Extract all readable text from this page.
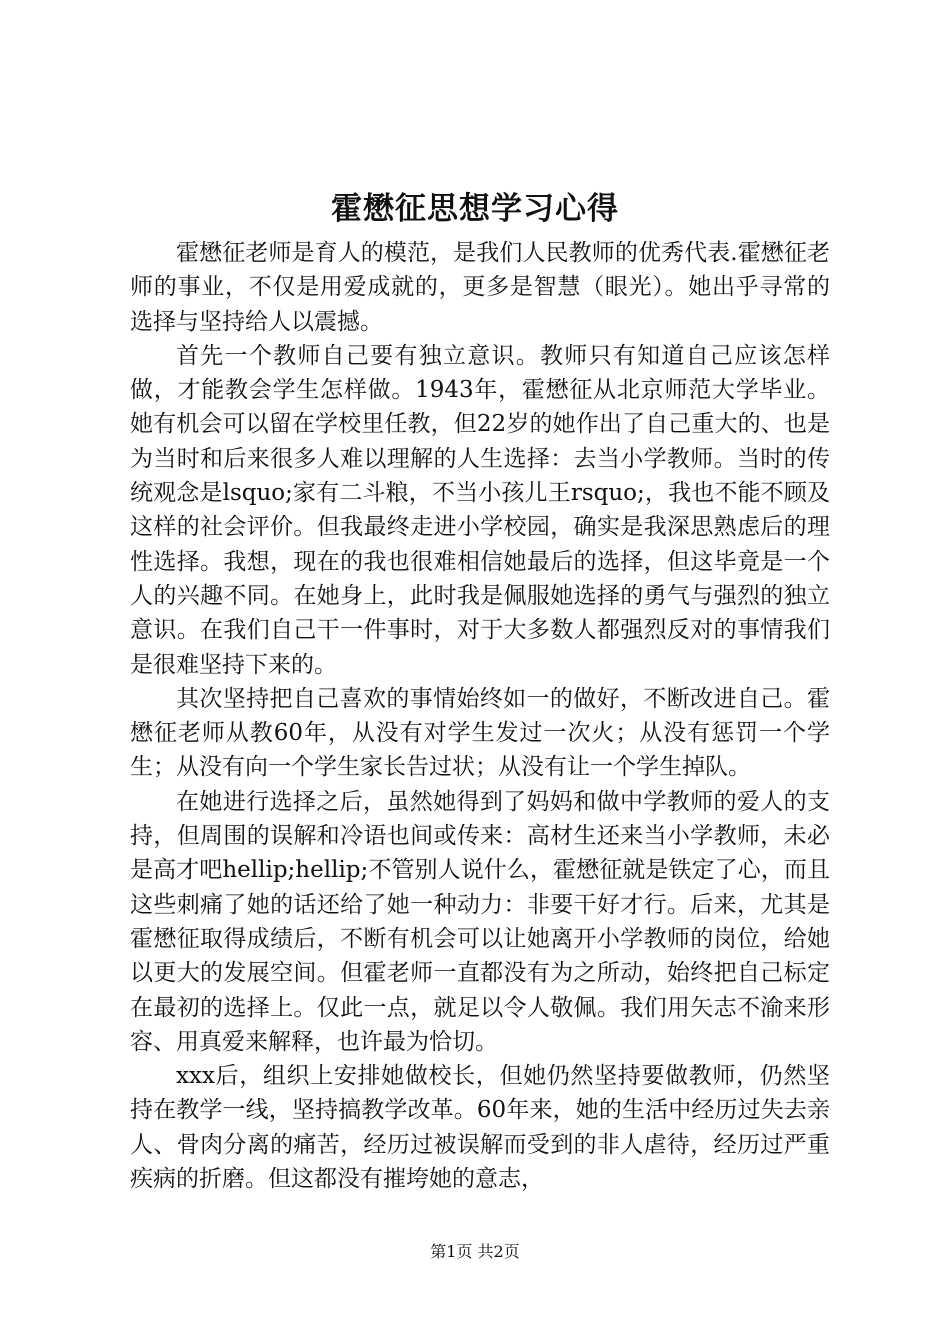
霍懋征思想学习心得

霍懋征老师是育人的模范，是我们人民教师的优秀代表.霍懋征老师的事业，不仅是用爱成就的，更多是智慧（眼光）。她出乎寻常的选择与坚持给人以震撼。

首先一个教师自己要有独立意识。教师只有知道自己应该怎样做，才能教会学生怎样做。1943年，霍懋征从北京师范大学毕业。她有机会可以留在学校里任教，但22岁的她作出了自己重大的、也是为当时和后来很多人难以理解的人生选择：去当小学教师。当时的传统观念是lsquo;家有二斗粮，不当小孩儿王rsquo;，我也不能不顾及这样的社会评价。但我最终走进小学校园，确实是我深思熟虑后的理性选择。我想，现在的我也很难相信她最后的选择，但这毕竟是一个人的兴趣不同。在她身上，此时我是佩服她选择的勇气与强烈的独立意识。在我们自己干一件事时，对于大多数人都强烈反对的事情我们是很难坚持下来的。

其次坚持把自己喜欢的事情始终如一的做好，不断改进自己。霍懋征老师从教60年，从没有对学生发过一次火；从没有惩罚一个学生；从没有向一个学生家长告过状；从没有让一个学生掉队。

在她进行选择之后，虽然她得到了妈妈和做中学教师的爱人的支持，但周围的误解和冷语也间或传来：高材生还来当小学教师，未必是高才吧hellip;hellip;不管别人说什么，霍懋征就是铁定了心，而且这些刺痛了她的话还给了她一种动力：非要干好才行。后来，尤其是霍懋征取得成绩后，不断有机会可以让她离开小学教师的岗位，给她以更大的发展空间。但霍老师一直都没有为之所动，始终把自己标定在最初的选择上。仅此一点，就足以令人敬佩。我们用矢志不渝来形容、用真爱来解释，也许最为恰切。

xxx后，组织上安排她做校长，但她仍然坚持要做教师，仍然坚持在教学一线，坚持搞教学改革。60年来，她的生活中经历过失去亲人、骨肉分离的痛苦，经历过被误解而受到的非人虐待，经历过严重疾病的折磨。但这都没有摧垮她的意志，

第1页 共2页
